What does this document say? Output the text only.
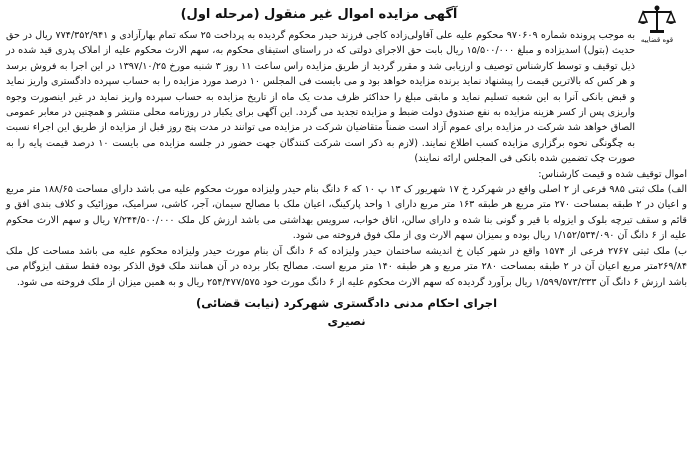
قوه قضاییه
آگهی مزایده اموال غیر منقول (مرحله اول)

به موجب پرونده شماره ۹۷۰۶۰۹ محکوم علیه علی آقاولی‌زاده کاجی فرزند حیدر محکوم گردیده به پرداخت ۲۵ سکه تمام بهارآزادی و ۷۷۴/۳۵۲/۹۴۱ ریال در حق حدیث (بتول) اسدیزاده و مبلغ ۱۵/۵۰۰/۰۰۰ ریال بابت حق الاجرای دولتی که در راستای استیفای محکوم به، سهم الارث محکوم علیه از املاک پدری قید شده در ذیل توقیف و توسط کارشناس توصیف و ارزیابی شد و مقرر گردید از طریق مزایده راس ساعت ۱۱ روز ۳ شنبه مورخ ۱۳۹۷/۱۰/۲۵ در این اجرا به فروش برسد و هر کس که بالاترین قیمت را پیشنهاد نماید برنده مزایده خواهد بود و می بایست فی المجلس ۱۰ درصد مورد مزایده را به حساب سپرده دادگستری واریز نماید و قبض بانکی آنرا به این شعبه تسلیم نماید و مابقی مبلغ را حداکثر ظرف مدت یک ماه از تاریخ مزایده به حساب سپرده واریز نماید در غیر اینصورت وجوه واریزی پس از کسر هزینه مزایده به نفع صندوق دولت ضبط و مزایده تجدید می گردد. این آگهی برای یکبار در روزنامه محلی منتشر و همچنین در معابر عمومی الصاق خواهد شد شرکت در مزایده برای عموم آزاد است ضمناً متقاضیان شرکت در مزایده می توانند در مدت پنج روز قبل از مزایده از طریق این اجراء نسبت به چگونگی نحوه برگزاری مزایده کسب اطلاع نمایند. (لازم به ذکر است شرکت کنندگان جهت حضور در جلسه مزایده می بایست ۱۰ درصد قیمت پایه را به صورت چک تضمین شده بانکی فی المجلس ارائه نمایند)

اموال توقیف شده و قیمت کارشناس:

الف) ملک ثبتی ۹۸۵ فرعی از ۲ اصلی واقع در شهرکرد خ ۱۷ شهریور ک ۱۳ پ ۱۰ که ۶ دانگ بنام حیدر ولیزاده مورث محکوم علیه می باشد دارای مساحت ۱۸۸/۶۵ متر مربع و اعیان در ۲ طبقه بمساحت ۲۷۰ متر مربع هر طبقه ۱۶۳ متر مربع دارای ۱ واحد پارکینگ، اعیان ملک با مصالح سیمان، آجر، کاشی، سرامیک، موزائیک و کلاف بندی افق و قائم و سقف تیرچه بلوک و ایزوله با قیر و گونی بنا شده و دارای سالن، اتاق خواب، سرویس بهداشتی می باشد ارزش کل ملک ۷/۲۴۴/۵۰۰/۰۰۰ ریال و سهم الارث محکوم علیه از ۶ دانگ آن ۱/۱۵۲/۵۳۴/۰۹۰ ریال بوده و بمیزان سهم الارث وی از ملک فوق فروخته می شود.

ب) ملک ثبتی ۲۷۶۷ فرعی از ۱۵۷۴ واقع در شهر کیان خ اندیشه ساختمان حیدر ولیزاده که ۶ دانگ آن بنام مورث حیدر ولیزاده محکوم علیه می باشد مساحت کل ملک ۲۶۹/۸۴متر مربع اعیان آن در ۲ طبقه بمساحت ۲۸۰ متر مربع و هر طبقه ۱۴۰ متر مربع است. مصالح بکار برده در آن همانند ملک فوق الذکر بوده فقط سقف ایزوگام می باشد ارزش ۶ دانگ آن ۱/۵۹۹/۵۷۳/۳۳۳ ریال برآورد گردیده که سهم الارث محکوم علیه از ۶ دانگ مورث خود ۲۵۴/۴۷۷/۵۷۵ ریال و به همین میزان از ملک فروخته می شود.

اجرای احکام مدنی دادگستری شهرکرد (نیابت قضائی)
نصیری
